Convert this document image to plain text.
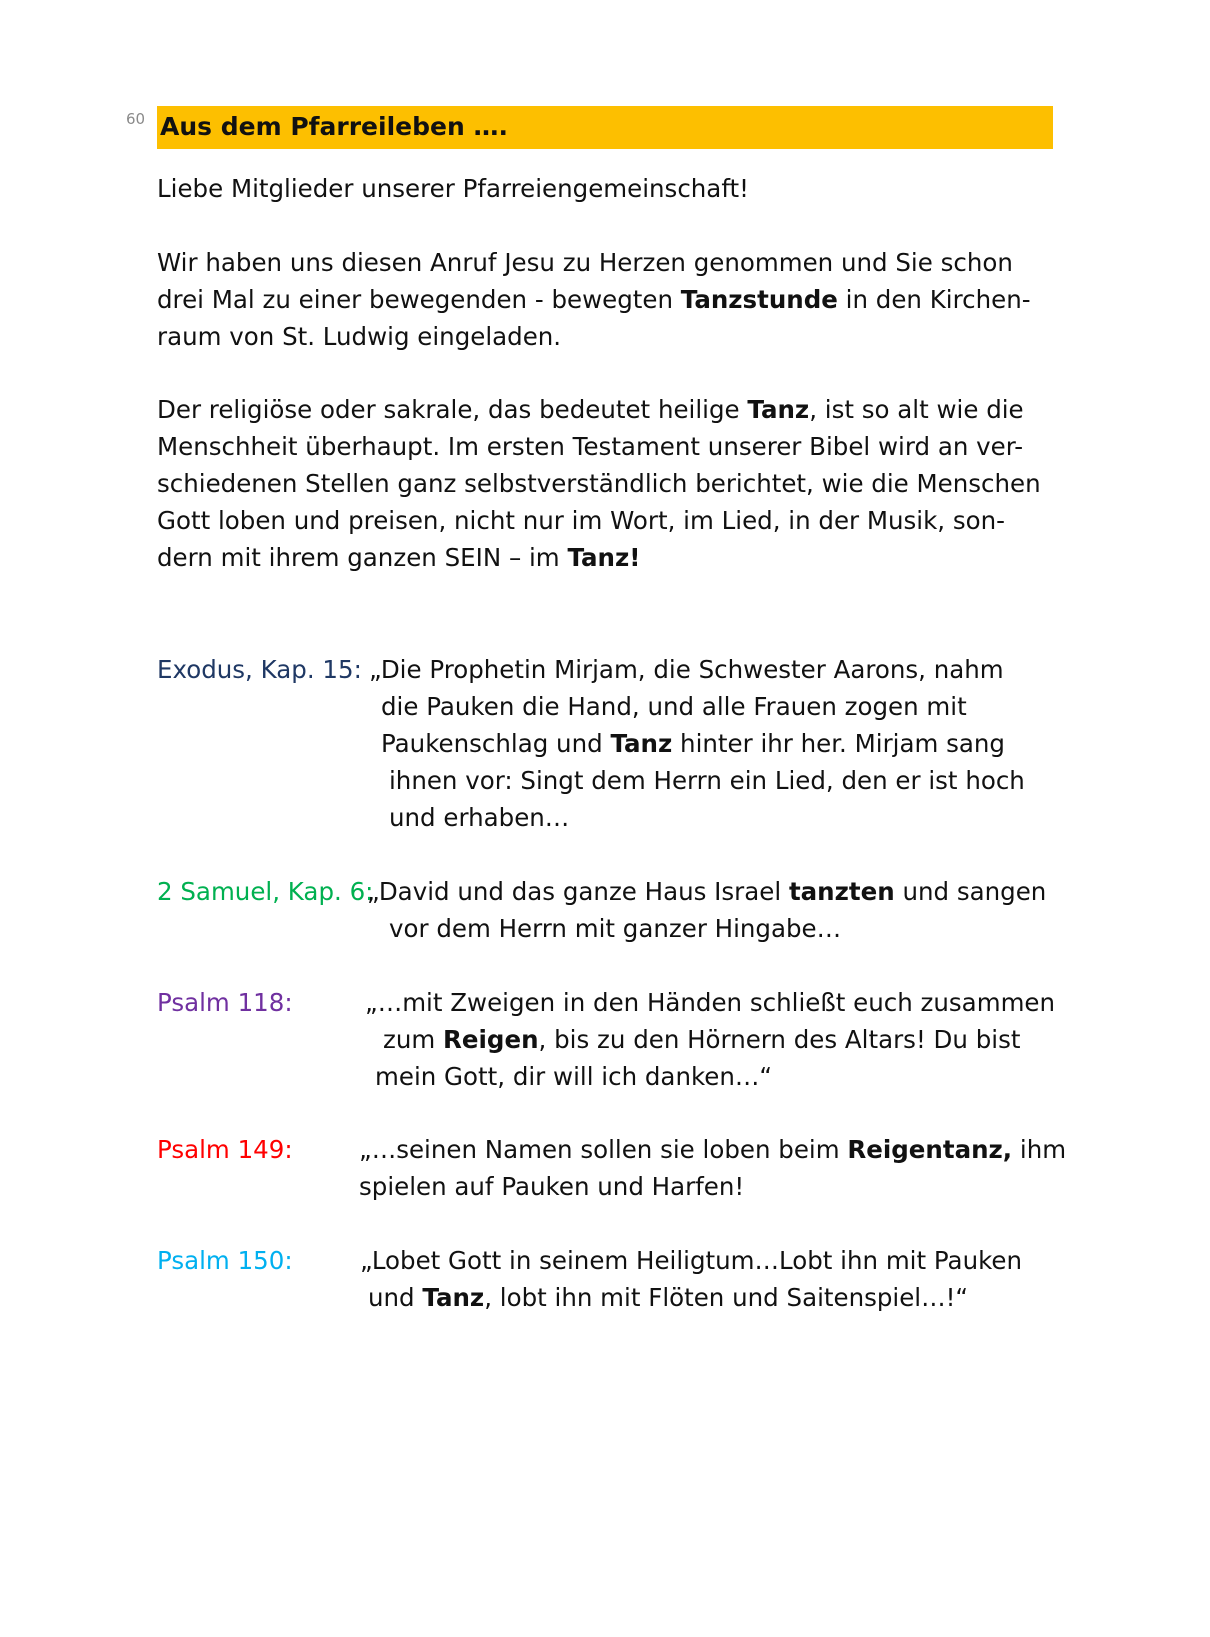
60 Aus dem Pfarreileben ….

Liebe Mitglieder unserer Pfarreiengemeinschaft!

Wir haben uns diesen Anruf Jesu zu Herzen genommen und Sie schon
drei Mal zu einer bewegenden - bewegten Tanzstunde in den Kirchen-
raum von St. Ludwig eingeladen.

Der religiöse oder sakrale, das bedeutet heilige Tanz, ist so alt wie die
Menschheit überhaupt. Im ersten Testament unserer Bibel wird an ver-
schiedenen Stellen ganz selbstverständlich berichtet, wie die Menschen
Gott loben und preisen, nicht nur im Wort, im Lied, in der Musik, son-
dern mit ihrem ganzen SEIN – im Tanz!

Exodus, Kap. 15: „Die Prophetin Mirjam, die Schwester Aarons, nahm
die Pauken die Hand, und alle Frauen zogen mit
Paukenschlag und Tanz hinter ihr her. Mirjam sang
ihnen vor: Singt dem Herrn ein Lied, den er ist hoch
und erhaben…
2 Samuel, Kap. 6:
„David und das ganze Haus Israel tanzten und sangen
vor dem Herrn mit ganzer Hingabe…
Psalm 118:	„…mit Zweigen in den Händen schließt euch zusammen
zum Reigen, bis zu den Hörnern des Altars! Du bist
mein Gott, dir will ich danken…“
Psalm 149:	„…seinen Namen sollen sie loben beim Reigentanz, ihm
spielen auf Pauken und Harfen!
Psalm 150:	„Lobet Gott in seinem Heiligtum…Lobt ihn mit Pauken
und Tanz, lobt ihn mit Flöten und Saitenspiel…!“
